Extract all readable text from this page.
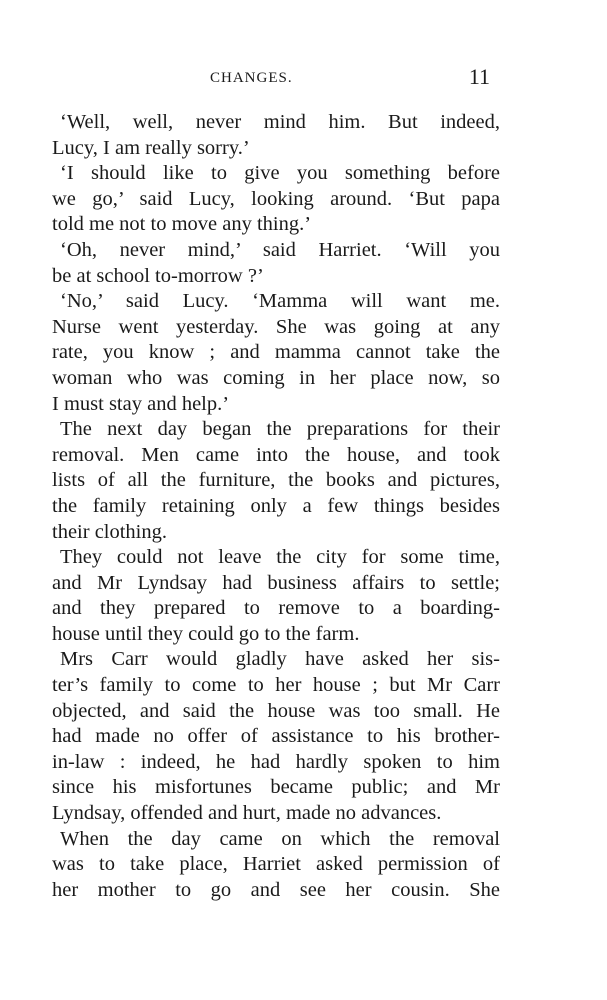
CHANGES.	11
‘Well, well, never mind him. But indeed,
Lucy, I am really sorry.’
‘I should like to give you something before
we go,’ said Lucy, looking around. ‘But papa
told me not to move any thing.’
‘Oh, never mind,’ said Harriet. ‘Will you
be at school to-morrow ?’
‘No,’ said Lucy. ‘Mamma will want me.
Nurse went yesterday. She was going at any
rate, you know ; and mamma cannot take the
woman who was coming in her place now, so
I must stay and help.’
The next day began the preparations for their
removal. Men came into the house, and took
lists of all the furniture, the books and pictures,
the family retaining only a few things besides
their clothing.
They could not leave the city for some time,
and Mr Lyndsay had business affairs to settle;
and they prepared to remove to a boarding-
house until they could go to the farm.
Mrs Carr would gladly have asked her sis-
ter’s family to come to her house ; but Mr Carr
objected, and said the house was too small. He
had made no offer of assistance to his brother-
in-law : indeed, he had hardly spoken to him
since his misfortunes became public; and Mr
Lyndsay, offended and hurt, made no advances.
When the day came on which the removal
was to take place, Harriet asked permission of
her mother to go and see her cousin. She
